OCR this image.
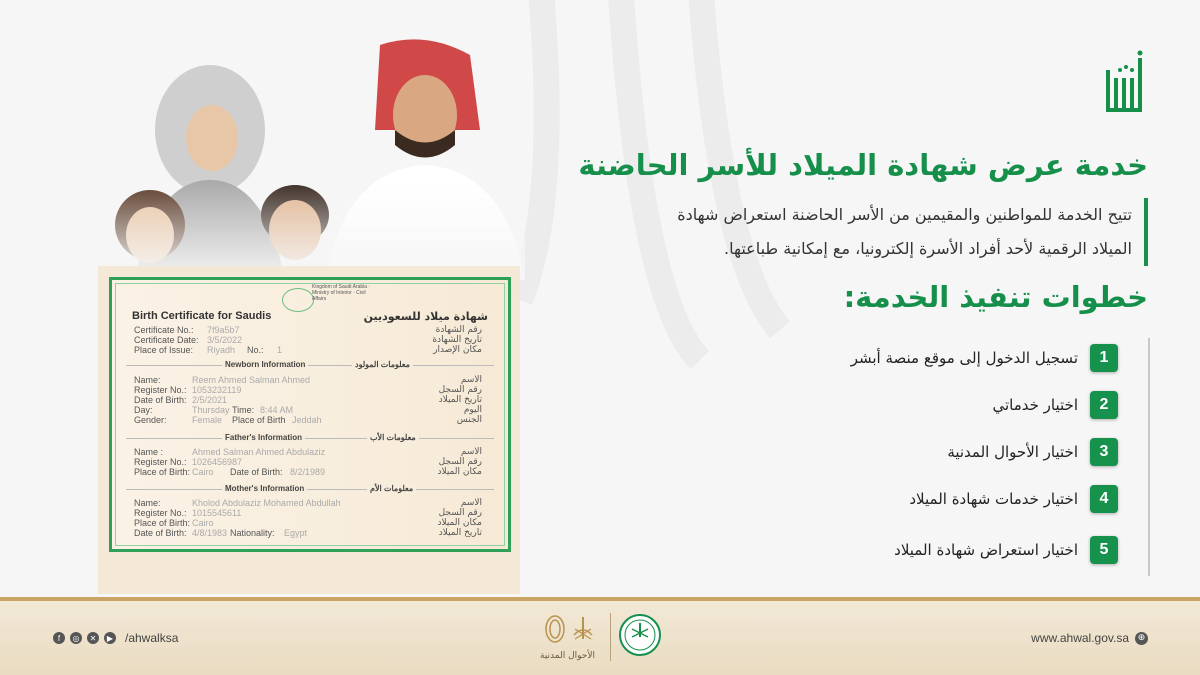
Kingdom of Saudi Arabia · Ministry of Interior · Civil Affairs
Birth Certificate for Saudis	شهادة ميلاد للسعوديين
Certificate No.: 7f9a5b7	رقم الشهادة
Certificate Date: 3/5/2022	تاريخ الشهادة
Place of Issue: Riyadh No.: 1	مكان الإصدار
Newborn Information	معلومات المولود
Name:	Reem Ahmed Salman Ahmed	الاسم
Register No.: 1053232119	رقم السجل
Date of Birth: 2/5/2021	تاريخ الميلاد
Day:	Thursday Time: 8:44 AM	اليوم
Gender:	Female Place of Birth Jeddah	الجنس
Father's Information	معلومات الأب
Name :	Ahmed Salman Ahmed Abdulaziz	الاسم
Register No.: 1026456987	رقم السجل
Place of Birth: Cairo Date of Birth: 8/2/1989	مكان الميلاد
Mother's Information	معلومات الأم
Name:	Kholod Abdulaziz Mohamed Abdullah	الاسم
Register No.: 1015545611	رقم السجل
Place of Birth: Cairo	مكان الميلاد
Date of Birth: 4/8/1983 Nationality: Egypt	تاريخ الميلاد
خدمة عرض شهادة الميلاد للأسر الحاضنة
تتيح الخدمة للمواطنين والمقيمين من الأسر الحاضنة استعراض شهادة
الميلاد الرقمية لأحد أفراد الأسرة إلكترونيا، مع إمكانية طباعتها.
خطوات تنفيذ الخدمة:
1
تسجيل الدخول إلى موقع منصة أبشر
2
اختيار خدماتي
3
اختيار الأحوال المدنية
4
اختيار خدمات شهادة الميلاد
5
اختيار استعراض شهادة الميلاد
f	◎	✕	▶ /ahwalksa
الأحوال المدنية
www.ahwal.gov.sa ⊕
